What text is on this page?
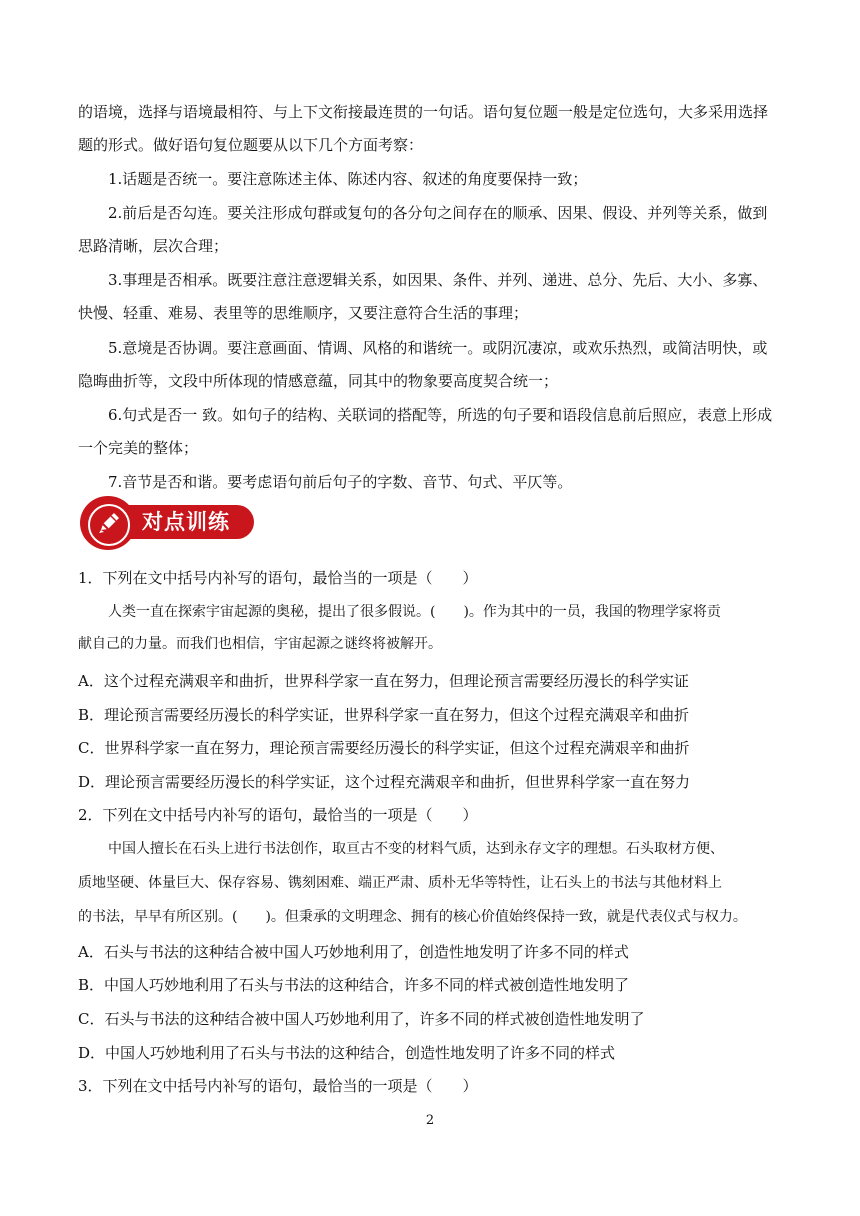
的语境，选择与语境最相符、与上下文衔接最连贯的一句话。语句复位题一般是定位选句，大多采用选择
题的形式。做好语句复位题要从以下几个方面考察：
1.话题是否统一。要注意陈述主体、陈述内容、叙述的角度要保持一致；
2.前后是否勾连。要关注形成句群或复句的各分句之间存在的顺承、因果、假设、并列等关系，做到
思路清晰，层次合理；
3.事理是否相承。既要注意注意逻辑关系，如因果、条件、并列、递进、总分、先后、大小、多寡、
快慢、轻重、难易、表里等的思维顺序，又要注意符合生活的事理；
5.意境是否协调。要注意画面、情调、风格的和谐统一。或阴沉凄凉，或欢乐热烈，或简洁明快，或
隐晦曲折等，文段中所体现的情感意蕴，同其中的物象要高度契合统一；
6.句式是否一 致。如句子的结构、关联词的搭配等，所选的句子要和语段信息前后照应，表意上形成
一个完美的整体；
7.音节是否和谐。要考虑语句前后句子的字数、音节、句式、平仄等。
对点训练
1．下列在文中括号内补写的语句，最恰当的一项是（　　）
人类一直在探索宇宙起源的奥秘，提出了很多假说。(　　)。作为其中的一员，我国的物理学家将贡
献自己的力量。而我们也相信，宇宙起源之谜终将被解开。
A．这个过程充满艰辛和曲折，世界科学家一直在努力，但理论预言需要经历漫长的科学实证
B．理论预言需要经历漫长的科学实证，世界科学家一直在努力，但这个过程充满艰辛和曲折
C．世界科学家一直在努力，理论预言需要经历漫长的科学实证，但这个过程充满艰辛和曲折
D．理论预言需要经历漫长的科学实证，这个过程充满艰辛和曲折，但世界科学家一直在努力
2．下列在文中括号内补写的语句，最恰当的一项是（　　）
中国人擅长在石头上进行书法创作，取亘古不变的材料气质，达到永存文字的理想。石头取材方便、
质地坚硬、体量巨大、保存容易、镌刻困难、端正严肃、质朴无华等特性，让石头上的书法与其他材料上
的书法，早早有所区别。(　　)。但秉承的文明理念、拥有的核心价值始终保持一致，就是代表仪式与权力。
A．石头与书法的这种结合被中国人巧妙地利用了，创造性地发明了许多不同的样式
B．中国人巧妙地利用了石头与书法的这种结合，许多不同的样式被创造性地发明了
C．石头与书法的这种结合被中国人巧妙地利用了，许多不同的样式被创造性地发明了
D．中国人巧妙地利用了石头与书法的这种结合，创造性地发明了许多不同的样式
3．下列在文中括号内补写的语句，最恰当的一项是（　　）
2
